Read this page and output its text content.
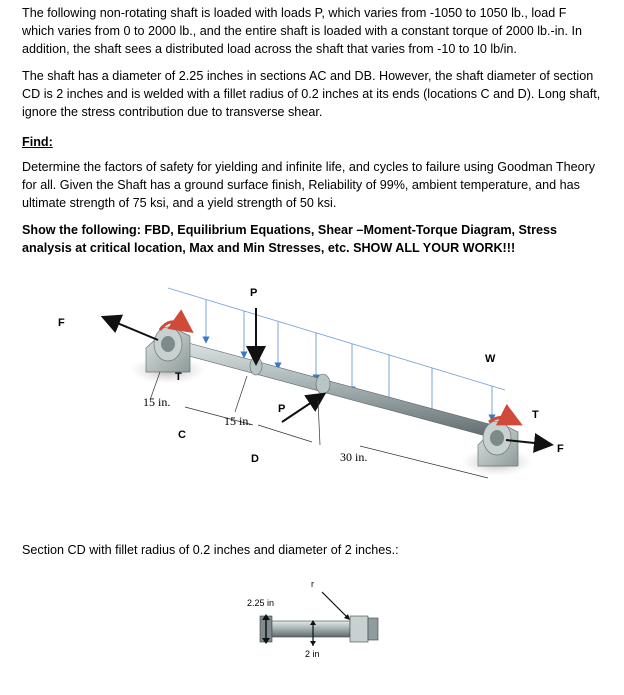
The following non-rotating shaft is loaded with loads P, which varies from -1050 to 1050 lb., load F which varies from 0 to 2000 lb., and the entire shaft is loaded with a constant torque of 2000 lb.-in. In addition, the shaft sees a distributed load across the shaft that varies from -10 to 10 lb/in.
The shaft has a diameter of 2.25 inches in sections AC and DB. However, the shaft diameter of section CD is 2 inches and is welded with a fillet radius of 0.2 inches at its ends (locations C and D). Long shaft, ignore the stress contribution due to transverse shear.
Find:
Determine the factors of safety for yielding and infinite life, and cycles to failure using Goodman Theory for all. Given the Shaft has a ground surface finish, Reliability of 99%, ambient temperature, and has ultimate strength of 75 ksi, and a yield strength of 50 ksi.
Show the following: FBD, Equilibrium Equations, Shear –Moment-Torque Diagram, Stress analysis at critical location, Max and Min Stresses, etc. SHOW ALL YOUR WORK!!!
F
P
T
W
T
F
P
15 in.
15 in.
C
D	30 in.
2.25 in
r
2 in
Section CD with fillet radius of 0.2 inches and diameter of 2 inches.:
